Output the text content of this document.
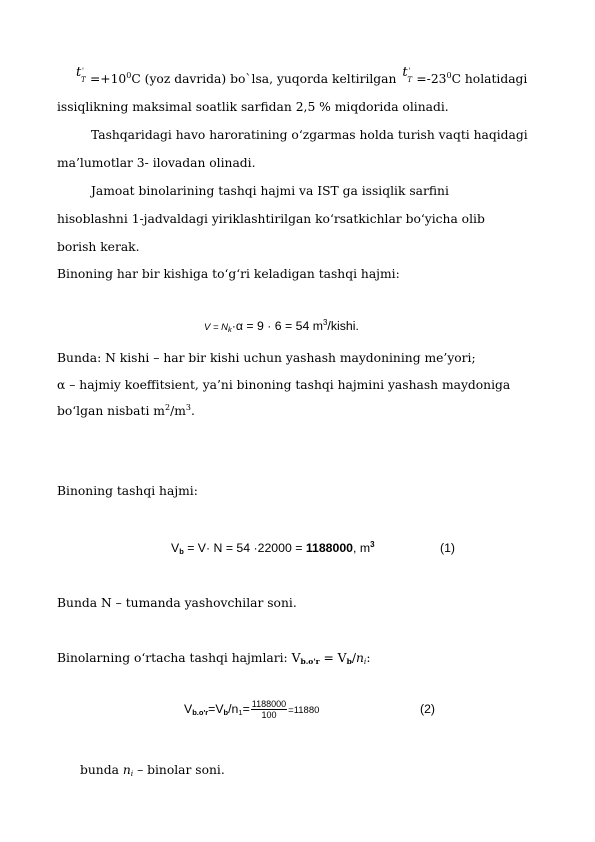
t '
$T =+10^0C$ (yoz davrida) bo`lsa, yuqorda keltirilgan t '
$T =-23^0C$ holatidagi
issiqlikning maksimal soatlik sarfidan 2,5 % miqdorida olinadi.
Tashqaridagi havo haroratining o‘zgarmas holda turish vaqti haqidagi
ma’lumotlar 3- ilovadan olinadi.
Jamoat binolarining tashqi hajmi va IST ga issiqlik sarfini
hisoblashni 1-jadvaldagi yiriklashtirilgan ko‘rsatkichlar bo‘yicha olib
borish kerak.
Binoning har bir kishiga to‘g‘ri keladigan tashqi hajmi:
$V = N_k\cdot\alpha = 9 \cdot 6 = 54$ $m^3$/kishi.
Bunda: N kishi – har bir kishi uchun yashash maydonining me’yori;
α – hajmiy koeffitsient, ya’ni binoning tashqi hajmini yashash maydoniga
bo‘lgan nisbati $m^2/m^3$.
Binoning tashqi hajmi:
$V_b = V\cdot N = 54 \cdot 22000 = 1188000$, $m^3$	(1)
Bunda N – tumanda yashovchilar soni.
Binolarning o‘rtacha tashqi hajmlari: $V_{b.o'r} = V_b/n_i$:
$V_{b.o'r}=V_b/n_1= \frac{1188000}{100} =11880$	(2)
bunda $n_i$ – binolar soni.
